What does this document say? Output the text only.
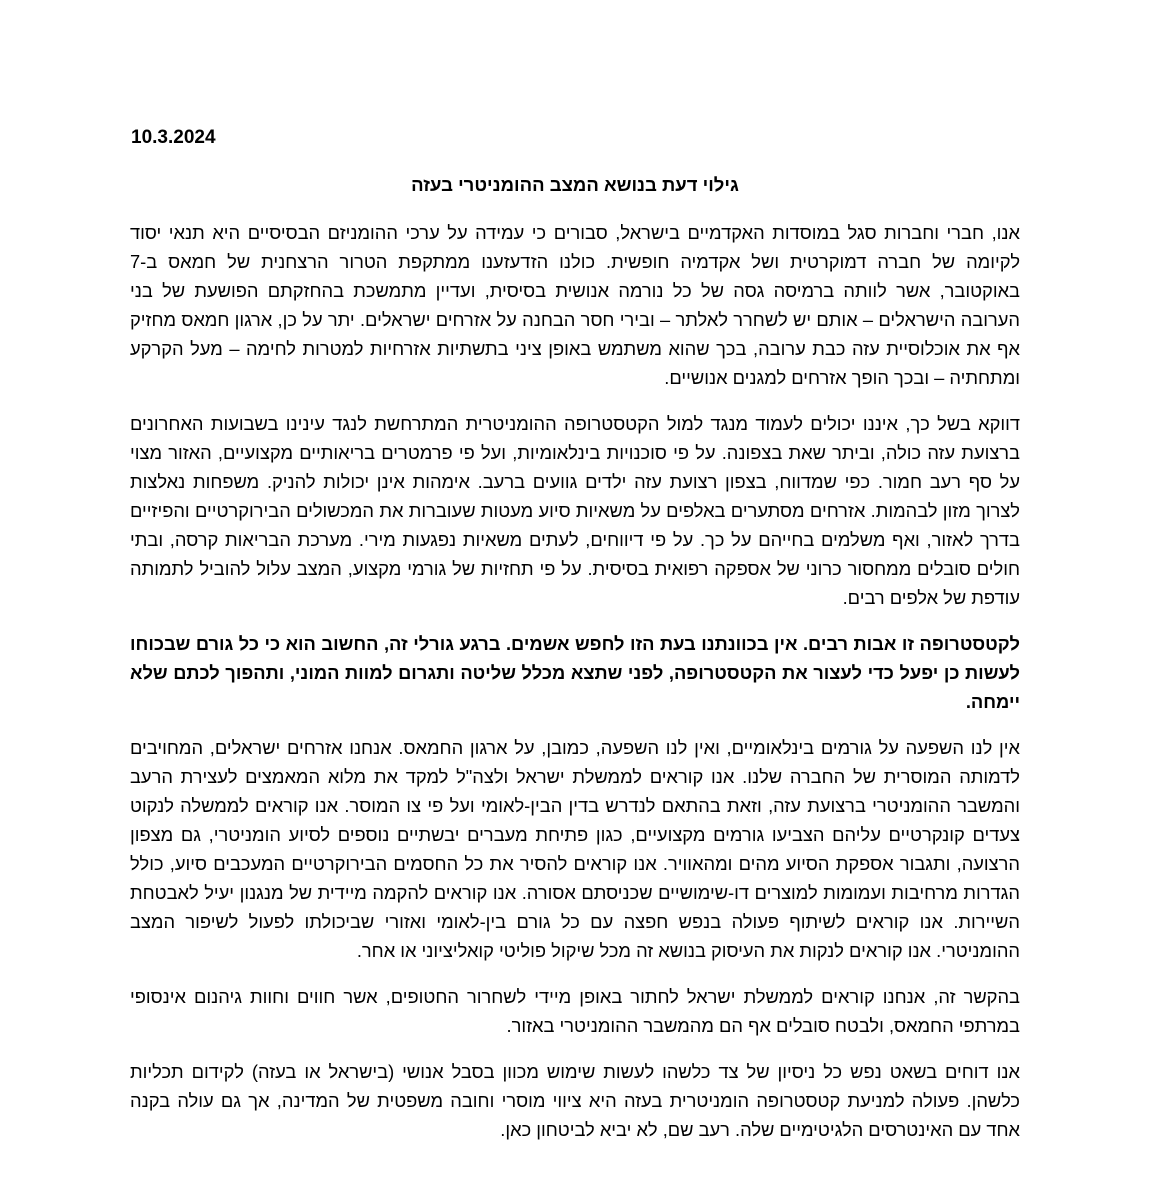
10.3.2024

גילוי דעת בנושא המצב ההומניטרי בעזה

אנו, חברי וחברות סגל במוסדות האקדמיים בישראל, סבורים כי עמידה על ערכי ההומניזם הבסיסיים היא תנאי יסוד לקיומה של חברה דמוקרטית ושל אקדמיה חופשית. כולנו הזדעזענו ממתקפת הטרור הרצחנית של חמאס ב-7 באוקטובר, אשר לוותה ברמיסה גסה של כל נורמה אנושית בסיסית, ועדיין מתמשכת בהחזקתם הפושעת של בני הערובה הישראלים – אותם יש לשחרר לאלתר – ובירי חסר הבחנה על אזרחים ישראלים. יתר על כן, ארגון חמאס מחזיק אף את אוכלוסיית עזה כבת ערובה, בכך שהוא משתמש באופן ציני בתשתיות אזרחיות למטרות לחימה – מעל הקרקע ומתחתיה – ובכך הופך אזרחים למגנים אנושיים.

דווקא בשל כך, איננו יכולים לעמוד מנגד למול הקטסטרופה ההומניטרית המתרחשת לנגד עינינו בשבועות האחרונים ברצועת עזה כולה, וביתר שאת בצפונה. על פי סוכנויות בינלאומיות, ועל פי פרמטרים בריאותיים מקצועיים, האזור מצוי על סף רעב חמור. כפי שמדווח, בצפון רצועת עזה ילדים גוועים ברעב. אימהות אינן יכולות להניק. משפחות נאלצות לצרוך מזון לבהמות. אזרחים מסתערים באלפים על משאיות סיוע מעטות שעוברות את המכשולים הבירוקרטיים והפיזיים בדרך לאזור, ואף משלמים בחייהם על כך. על פי דיווחים, לעתים משאיות נפגעות מירי. מערכת הבריאות קרסה, ובתי חולים סובלים ממחסור כרוני של אספקה רפואית בסיסית. על פי תחזיות של גורמי מקצוע, המצב עלול להוביל לתמותה עודפת של אלפים רבים.

לקטסטרופה זו אבות רבים. אין בכוונתנו בעת הזו לחפש אשמים. ברגע גורלי זה, החשוב הוא כי כל גורם שבכוחו לעשות כן יפעל כדי לעצור את הקטסטרופה, לפני שתצא מכלל שליטה ותגרום למוות המוני, ותהפוך לכתם שלא יימחה.

אין לנו השפעה על גורמים בינלאומיים, ואין לנו השפעה, כמובן, על ארגון החמאס. אנחנו אזרחים ישראלים, המחויבים לדמותה המוסרית של החברה שלנו. אנו קוראים לממשלת ישראל ולצה"ל למקד את מלוא המאמצים לעצירת הרעב והמשבר ההומניטרי ברצועת עזה, וזאת בהתאם לנדרש בדין הבין-לאומי ועל פי צו המוסר. אנו קוראים לממשלה לנקוט צעדים קונקרטיים עליהם הצביעו גורמים מקצועיים, כגון פתיחת מעברים יבשתיים נוספים לסיוע הומניטרי, גם מצפון הרצועה, ותגבור אספקת הסיוע מהים ומהאוויר. אנו קוראים להסיר את כל החסמים הבירוקרטיים המעכבים סיוע, כולל הגדרות מרחיבות ועמומות למוצרים דו-שימושיים שכניסתם אסורה. אנו קוראים להקמה מיידית של מנגנון יעיל לאבטחת השיירות. אנו קוראים לשיתוף פעולה בנפש חפצה עם כל גורם בין-לאומי ואזורי שביכולתו לפעול לשיפור המצב ההומניטרי. אנו קוראים לנקות את העיסוק בנושא זה מכל שיקול פוליטי קואליציוני או אחר.

בהקשר זה, אנחנו קוראים לממשלת ישראל לחתור באופן מיידי לשחרור החטופים, אשר חווים וחוות גיהנום אינסופי במרתפי החמאס, ולבטח סובלים אף הם מהמשבר ההומניטרי באזור.

אנו דוחים בשאט נפש כל ניסיון של צד כלשהו לעשות שימוש מכוון בסבל אנושי (בישראל או בעזה) לקידום תכליות כלשהן. פעולה למניעת קטסטרופה הומניטרית בעזה היא ציווי מוסרי וחובה משפטית של המדינה, אך גם עולה בקנה אחד עם האינטרסים הלגיטימיים שלה. רעב שם, לא יביא לביטחון כאן.
